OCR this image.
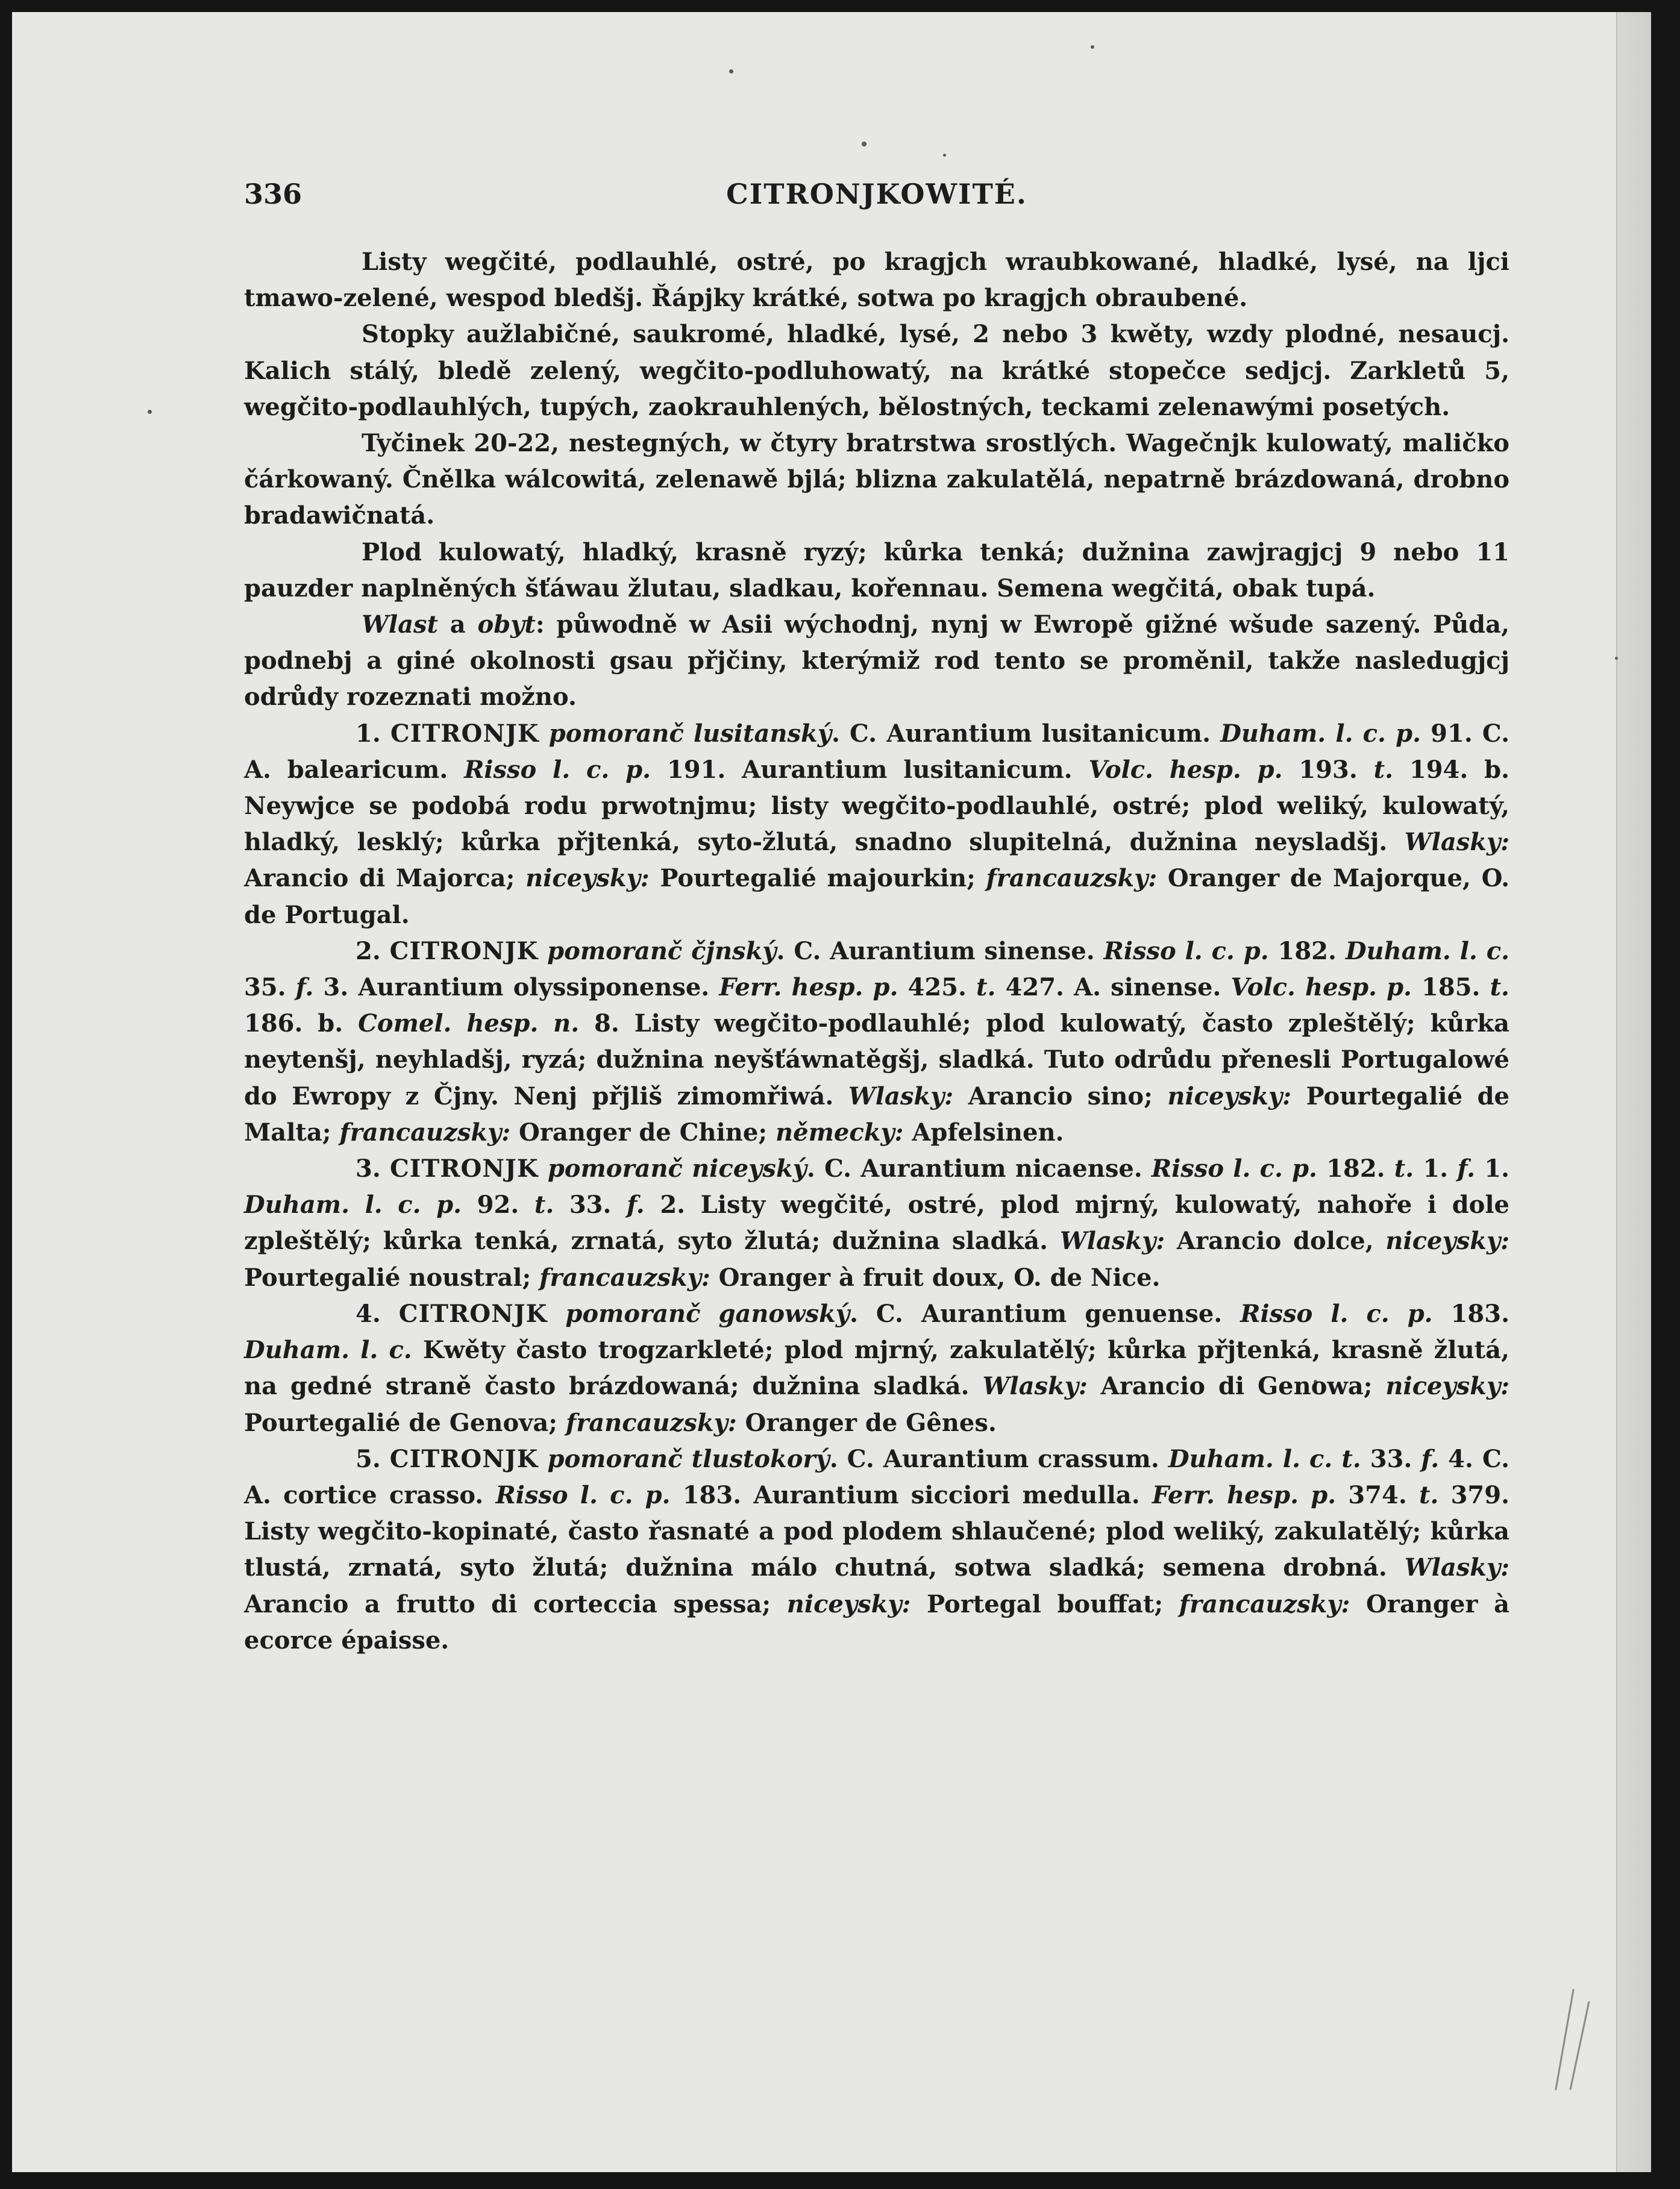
336	CITRONJKOWITÉ.

Listy wegčité, podlauhlé, ostré, po kragjch wraubkowané, hladké, lysé, na ljci tmawo-zelené, wespod bledšj. Řápjky krátké, sotwa po kragjch obraubené.

Stopky aužlabičné, saukromé, hladké, lysé, 2 nebo 3 kwěty, wzdy plodné, nesaucj. Kalich stálý, bledě zelený, wegčito-podluhowatý, na krátké stopečce sedjcj. Zarkletů 5, wegčito-podlauhlých, tupých, zaokrauhlených, bělostných, teckami zelenawými posetých.

Tyčinek 20-22, nestegných, w čtyry bratrstwa srostlých. Wagečnjk kulowatý, maličko čárkowaný. Čnělka wálcowitá, zelenawě bjlá; blizna zakulatělá, nepatrně brázdowaná, drobno bradawičnatá.

Plod kulowatý, hladký, krasně ryzý; kůrka tenká; dužnina zawjragjcj 9 nebo 11 pauzder naplněných šťáwau žlutau, sladkau, kořennau. Semena wegčitá, obak tupá.

Wlast a obyt: půwodně w Asii wýchodnj, nynj w Ewropě gižné wšude sazený. Půda, podnebj a giné okolnosti gsau přjčiny, kterýmiž rod tento se proměnil, takže nasledugjcj odrůdy rozeznati možno.

1. CITRONJK pomoranč lusitanský. C. Aurantium lusitanicum. Duham. l. c. p. 91. C. A. balearicum. Risso l. c. p. 191. Aurantium lusitanicum. Volc. hesp. p. 193. t. 194. b. Neywjce se podobá rodu prwotnjmu; listy wegčito-podlauhlé, ostré; plod weliký, kulowatý, hladký, lesklý; kůrka přjtenká, syto-žlutá, snadno slupitelná, dužnina neysladšj. Wlasky: Arancio di Majorca; niceysky: Pourtegalié majourkin; francauzsky: Oranger de Majorque, O. de Portugal.

2. CITRONJK pomoranč čjnský. C. Aurantium sinense. Risso l. c. p. 182. Duham. l. c. 35. f. 3. Aurantium olyssiponense. Ferr. hesp. p. 425. t. 427. A. sinense. Volc. hesp. p. 185. t. 186. b. Comel. hesp. n. 8. Listy wegčito-podlauhlé; plod kulowatý, často zpleštělý; kůrka neytenšj, neyhladšj, ryzá; dužnina neyšťáwnatěgšj, sladká. Tuto odrůdu přenesli Portugalowé do Ewropy z Čjny. Nenj přjliš zimomřiwá. Wlasky: Arancio sino; niceysky: Pourtegalié de Malta; francauzsky: Oranger de Chine; německy: Apfelsinen.

3. CITRONJK pomoranč niceyský. C. Aurantium nicaense. Risso l. c. p. 182. t. 1. f. 1. Duham. l. c. p. 92. t. 33. f. 2. Listy wegčité, ostré, plod mjrný, kulowatý, nahoře i dole zpleštělý; kůrka tenká, zrnatá, syto žlutá; dužnina sladká. Wlasky: Arancio dolce, niceysky: Pourtegalié noustral; francauzsky: Oranger à fruit doux, O. de Nice.

4. CITRONJK pomoranč ganowský. C. Aurantium genuense. Risso l. c. p. 183. Duham. l. c. Kwěty často trogzarkleté; plod mjrný, zakulatělý; kůrka přjtenká, krasně žlutá, na gedné straně často brázdowaná; dužnina sladká. Wlasky: Arancio di Genowa; niceysky: Pourtegalié de Genova; francauzsky: Oranger de Gênes.

5. CITRONJK pomoranč tlustokorý. C. Aurantium crassum. Duham. l. c. t. 33. f. 4. C. A. cortice crasso. Risso l. c. p. 183. Aurantium sicciori medulla. Ferr. hesp. p. 374. t. 379. Listy wegčito-kopinaté, často řasnaté a pod plodem shlaučené; plod weliký, zakulatělý; kůrka tlustá, zrnatá, syto žlutá; dužnina málo chutná, sotwa sladká; semena drobná. Wlasky: Arancio a frutto di corteccia spessa; niceysky: Portegal bouffat; francauzsky: Oranger à ecorce épaisse.
